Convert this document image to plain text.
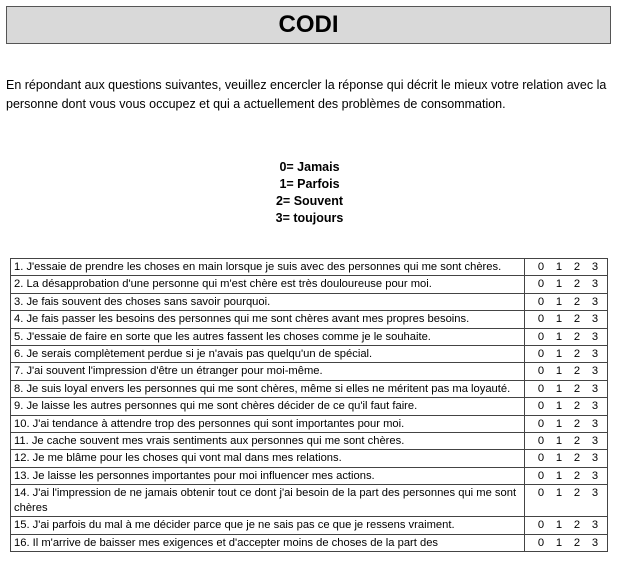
CODI
En répondant aux questions suivantes, veuillez encercler la réponse qui décrit le mieux votre relation avec la personne dont vous vous occupez et qui a actuellement des problèmes de consommation.
0= Jamais
1= Parfois
2= Souvent
3= toujours
1. J'essaie de prendre les choses en main lorsque je suis avec des personnes qui me sont chères.	0 1 2 3
2. La désapprobation d'une personne qui m'est chère est très douloureuse pour moi.	0 1 2 3
3. Je fais souvent des choses sans savoir pourquoi.	0 1 2 3
4. Je fais passer les besoins des personnes qui me sont chères avant mes propres besoins.	0 1 2 3
5. J'essaie de faire en sorte que les autres fassent les choses comme je le souhaite.	0 1 2 3
6. Je serais complètement perdue si je n'avais pas quelqu'un de spécial.	0 1 2 3
7. J'ai souvent l'impression d'être un étranger pour moi-même.	0 1 2 3
8. Je suis loyal envers les personnes qui me sont chères, même si elles ne méritent pas ma loyauté.	0 1 2 3
9. Je laisse les autres personnes qui me sont chères décider de ce qu'il faut faire.	0 1 2 3
10. J'ai tendance à attendre trop des personnes qui sont importantes pour moi.	0 1 2 3
11. Je cache souvent mes vrais sentiments aux personnes qui me sont chères.	0 1 2 3
12. Je me blâme pour les choses qui vont mal dans mes relations.	0 1 2 3
13. Je laisse les personnes importantes pour moi influencer mes actions.	0 1 2 3
14. J'ai l'impression de ne jamais obtenir tout ce dont j'ai besoin de la part des personnes qui me sont chères	0 1 2 3
15. J'ai parfois du mal à me décider parce que je ne sais pas ce que je ressens vraiment.	0 1 2 3
16. Il m'arrive de baisser mes exigences et d'accepter moins de choses de la part des	0 1 2 3
